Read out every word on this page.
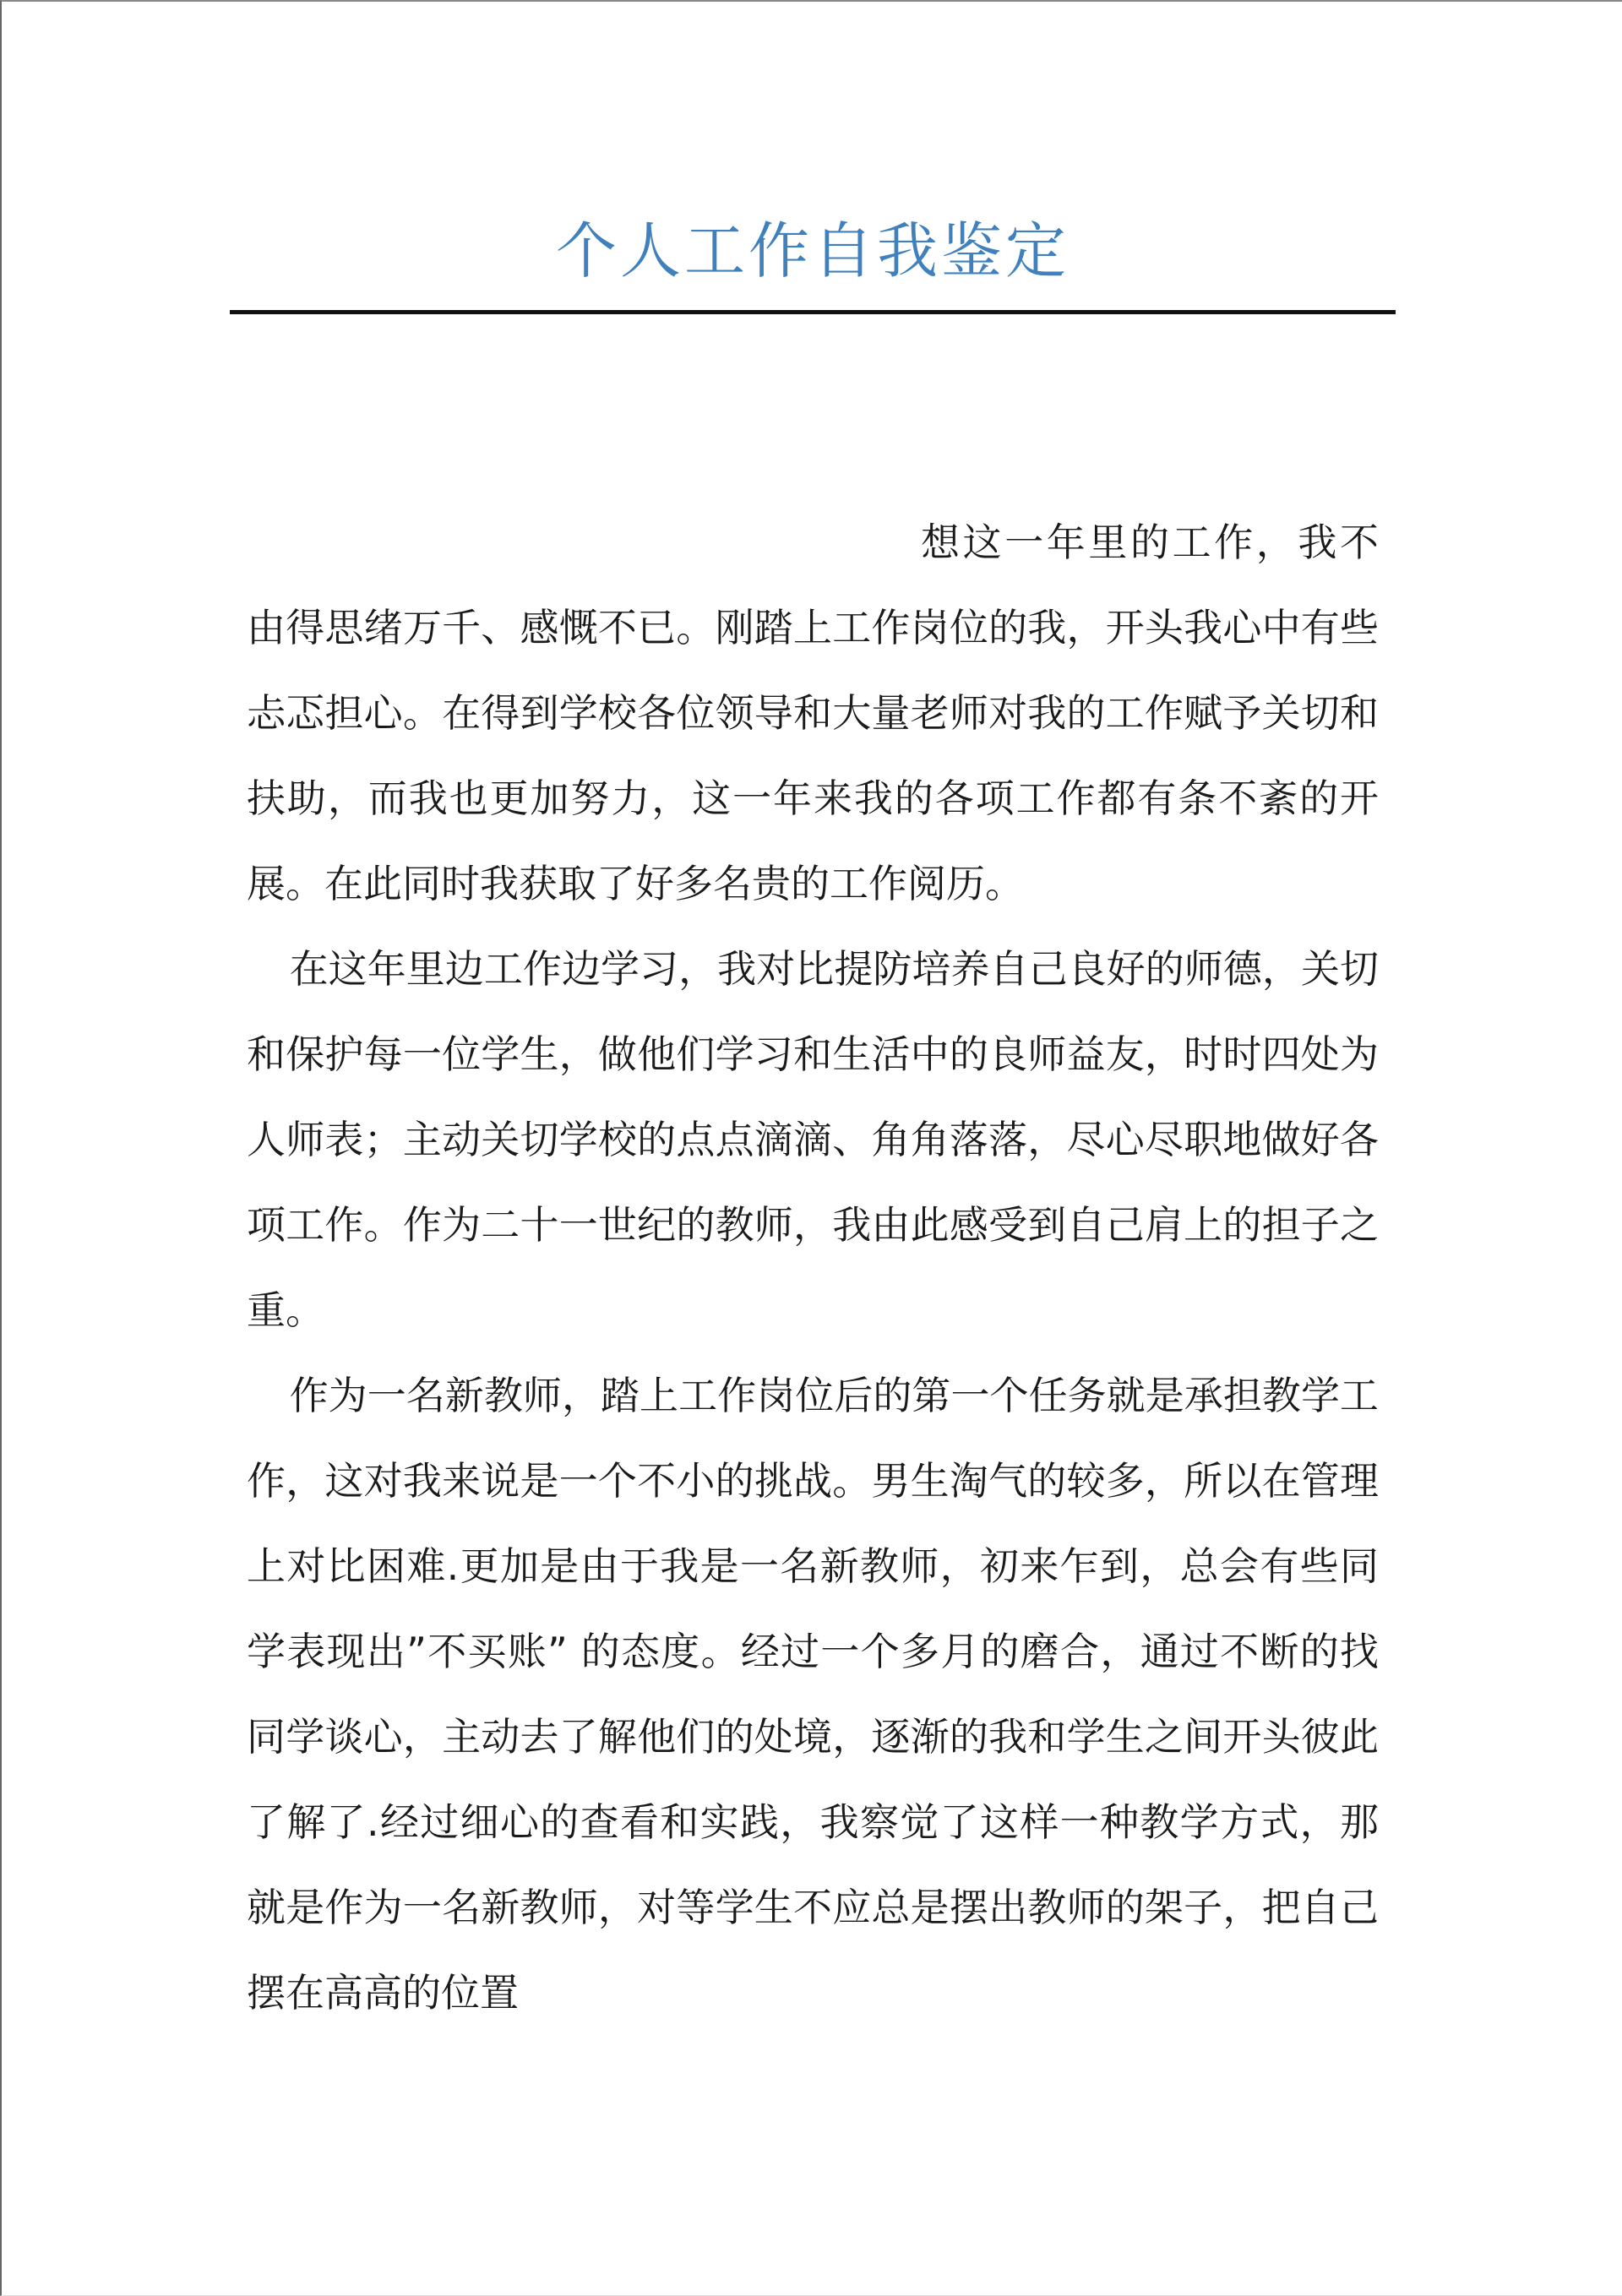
个人工作自我鉴定

想这一年里的工作，我不由得思绪万千、感慨不已。刚踏上工作岗位的我，开头我心中有些忐忑担心。在得到学校各位领导和大量老师对我的工作赋予关切和扶助，而我也更加努力，这一年来我的各项工作都有条不紊的开展。在此同时我获取了好多名贵的工作阅历。

在这年里边工作边学习，我对比提防培养自己良好的师德，关切和保护每一位学生，做他们学习和生活中的良师益友，时时四处为人师表；主动关切学校的点点滴滴、角角落落，尽心尽职地做好各项工作。作为二十一世纪的教师，我由此感受到自己肩上的担子之重。

作为一名新教师，踏上工作岗位后的第一个任务就是承担教学工作，这对我来说是一个不小的挑战。男生淘气的较多，所以在管理上对比困难.更加是由于我是一名新教师，初来乍到，总会有些同学表现出”不买账” 的态度。经过一个多月的磨合，通过不断的找同学谈心，主动去了解他们的处境，逐渐的我和学生之间开头彼此了解了.经过细心的查看和实践，我察觉了这样一种教学方式，那就是作为一名新教师，对等学生不应总是摆出教师的架子，把自己摆在高高的位置
